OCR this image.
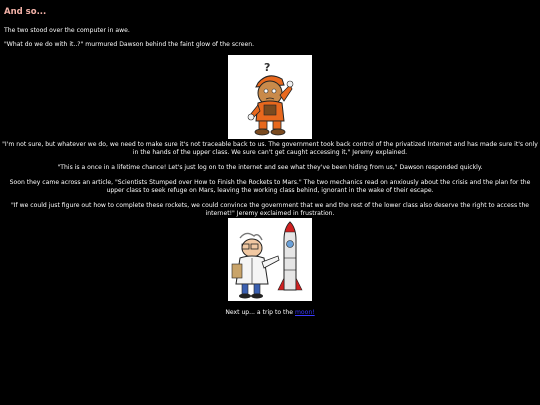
And so...

The two stood over the computer in awe.

"What do we do with it..?" murmured Dawson behind the faint glow of the screen.

?

"I'm not sure, but whatever we do, we need to make sure it's not traceable back to us. The government took back control of the privatized Internet and has made sure it's only in the hands of the upper class. We sure can't get caught accessing it," Jeremy explained.

"This is a once in a lifetime chance! Let's just log on to the internet and see what they've been hiding from us," Dawson responded quickly.

Soon they came across an article, "Scientists Stumped over How to Finish the Rockets to Mars." The two mechanics read on anxiously about the crisis and the plan for the upper class to seek refuge on Mars, leaving the working class behind, ignorant in the wake of their escape.

"If we could just figure out how to complete these rockets, we could convince the government that we and the rest of the lower class also deserve the right to access the internet!" Jeremy exclaimed in frustration.

Next up... a trip to the moon!
